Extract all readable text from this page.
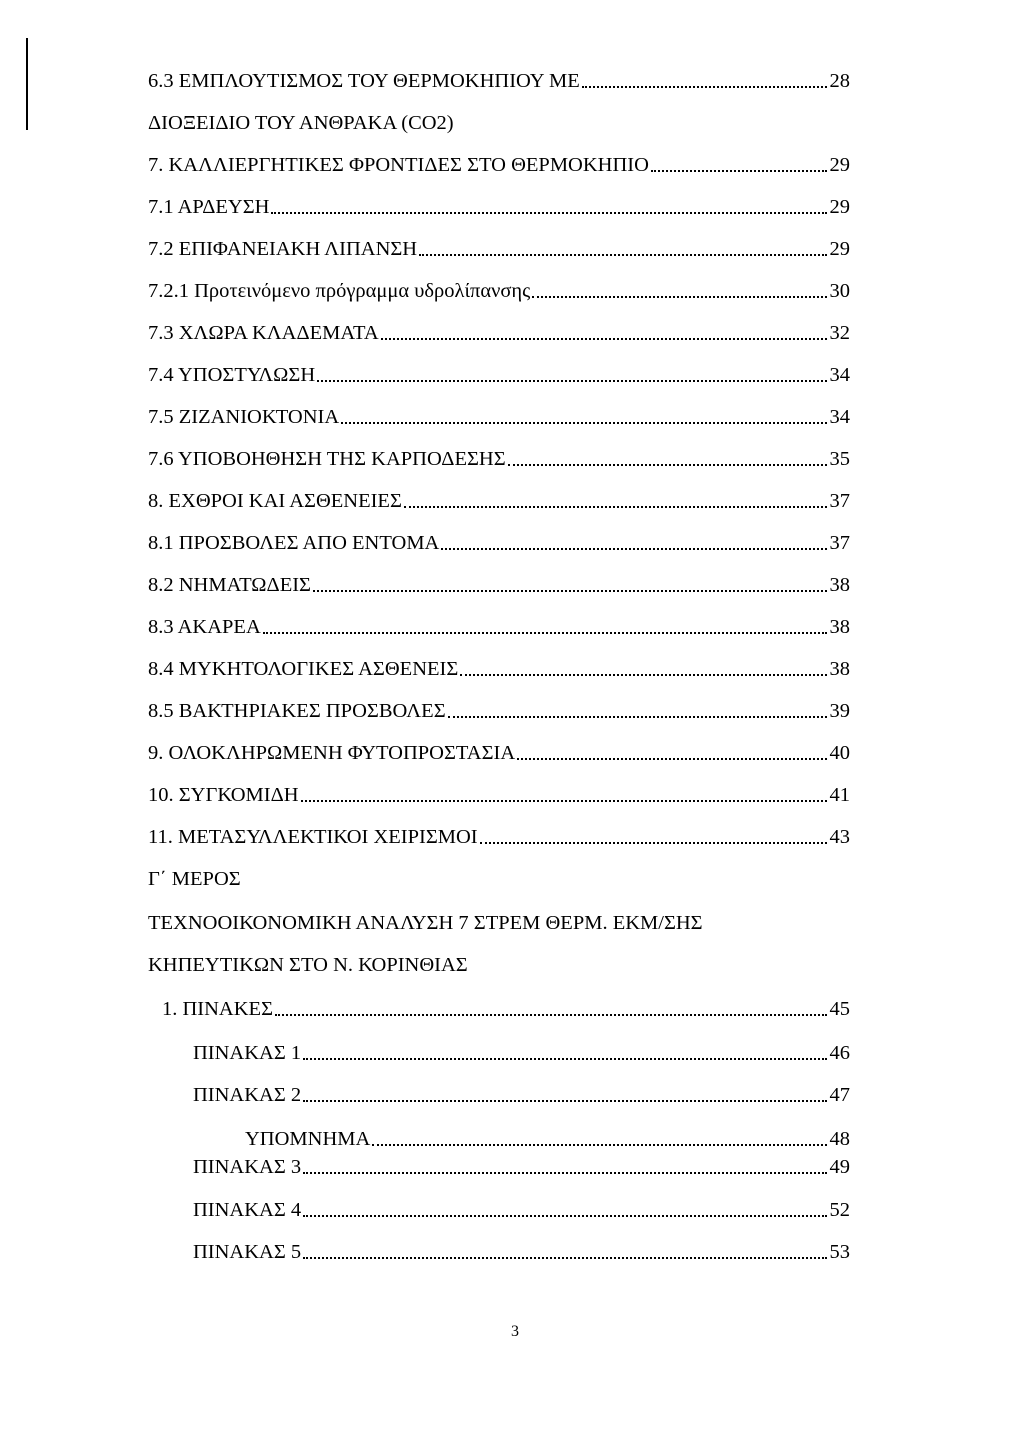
6.3 ΕΜΠΛΟΥΤΙΣΜΟΣ ΤΟΥ ΘΕΡΜΟΚΗΠΙΟΥ ΜΕ	28
ΔΙΟΞΕΙΔΙΟ ΤΟΥ ΑΝΘΡΑΚΑ (CO2)
7. ΚΑΛΛΙΕΡΓΗΤΙΚΕΣ ΦΡΟΝΤΙΔΕΣ ΣΤΟ ΘΕΡΜΟΚΗΠΙΟ	29
7.1 ΑΡΔΕΥΣΗ	29
7.2 ΕΠΙΦΑΝΕΙΑΚΗ ΛΙΠΑΝΣΗ	29
7.2.1 Προτεινόμενο πρόγραμμα υδρολίπανσης	30
7.3 ΧΛΩΡΑ ΚΛΑΔΕΜΑΤΑ	32
7.4 ΥΠΟΣΤΥΛΩΣΗ	34
7.5 ΖΙΖΑΝΙΟΚΤΟΝΙΑ	34
7.6 ΥΠΟΒΟΗΘΗΣΗ ΤΗΣ ΚΑΡΠΟΔΕΣΗΣ	35
8. ΕΧΘΡΟΙ ΚΑΙ ΑΣΘΕΝΕΙΕΣ	37
8.1 ΠΡΟΣΒΟΛΕΣ ΑΠΟ ΕΝΤΟΜΑ	37
8.2 ΝΗΜΑΤΩΔΕΙΣ	38
8.3 ΑΚΑΡΕΑ	38
8.4 ΜΥΚΗΤΟΛΟΓΙΚΕΣ ΑΣΘΕΝΕΙΣ	38
8.5 ΒΑΚΤΗΡΙΑΚΕΣ ΠΡΟΣΒΟΛΕΣ	39
9. ΟΛΟΚΛΗΡΩΜΕΝΗ ΦΥΤΟΠΡΟΣΤΑΣΙΑ	40
10. ΣΥΓΚΟΜΙΔΗ	41
11. ΜΕΤΑΣΥΛΛΕΚΤΙΚΟΙ ΧΕΙΡΙΣΜΟΙ	43
Γ΄ ΜΕΡΟΣ
ΤΕΧΝΟΟΙΚΟΝΟΜΙΚΗ ΑΝΑΛΥΣΗ 7 ΣΤΡΕΜ ΘΕΡΜ. ΕΚΜ/ΣΗΣ
ΚΗΠΕΥΤΙΚΩΝ ΣΤΟ Ν. ΚΟΡΙΝΘΙΑΣ
1. ΠΙΝΑΚΕΣ	45
ΠΙΝΑΚΑΣ 1	46
ΠΙΝΑΚΑΣ 2	47
ΥΠΟΜΝΗΜΑ	48
ΠΙΝΑΚΑΣ 3	49
ΠΙΝΑΚΑΣ 4	52
ΠΙΝΑΚΑΣ 5	53
3
